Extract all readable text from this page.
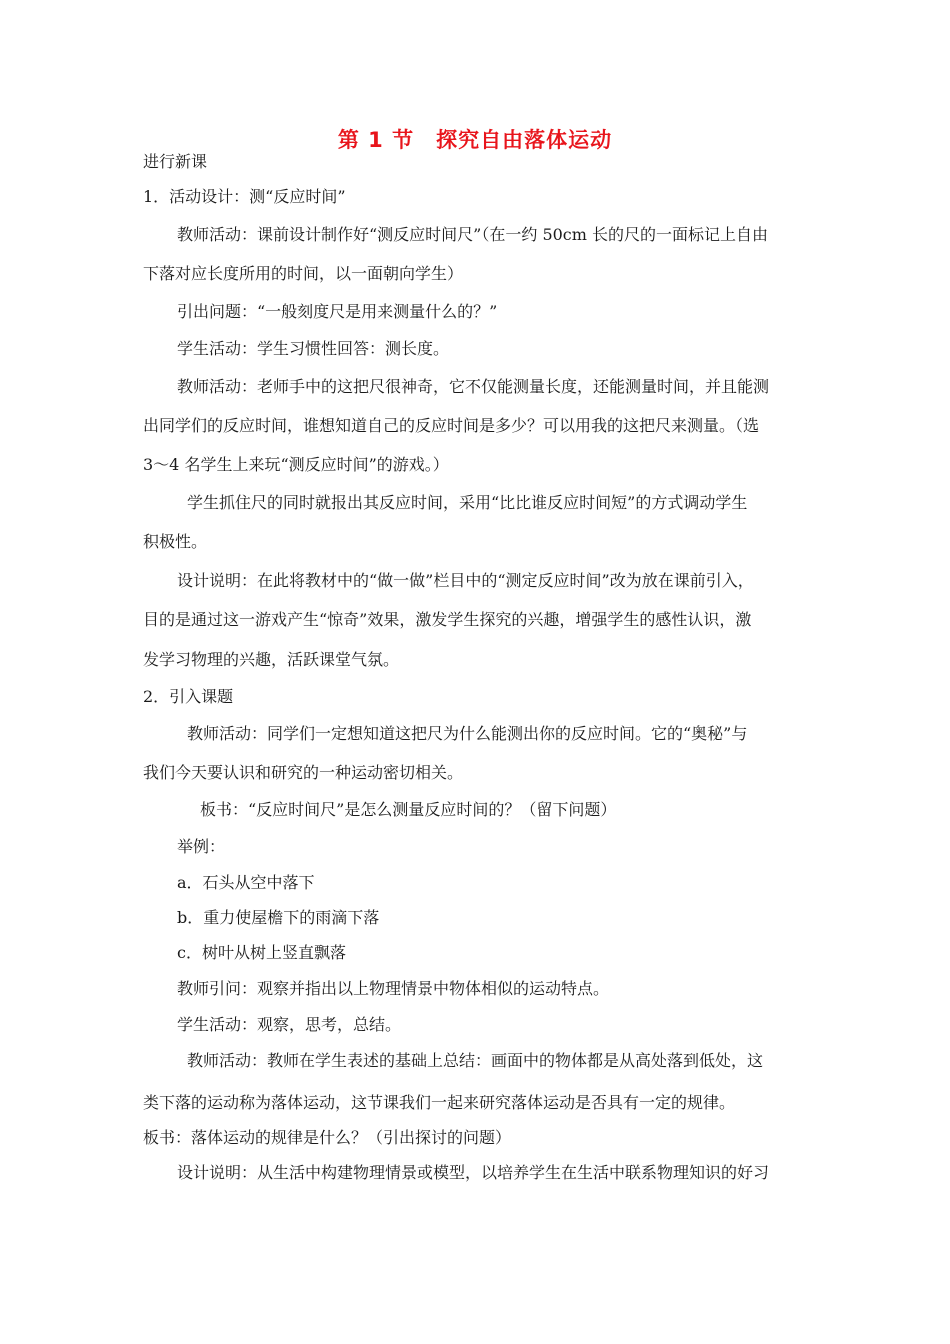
第 1 节　探究自由落体运动
进行新课
1．活动设计：测“反应时间”
教师活动：课前设计制作好“测反应时间尺”（在一约 50cm 长的尺的一面标记上自由
下落对应长度所用的时间，以一面朝向学生）
引出问题：“一般刻度尺是用来测量什么的？”
学生活动：学生习惯性回答：测长度。
教师活动：老师手中的这把尺很神奇，它不仅能测量长度，还能测量时间，并且能测
出同学们的反应时间，谁想知道自己的反应时间是多少？可以用我的这把尺来测量。（选
3～4 名学生上来玩“测反应时间”的游戏。）
学生抓住尺的同时就报出其反应时间，采用“比比谁反应时间短”的方式调动学生
积极性。
设计说明：在此将教材中的“做一做”栏目中的“测定反应时间”改为放在课前引入，
目的是通过这一游戏产生“惊奇”效果，激发学生探究的兴趣，增强学生的感性认识，激
发学习物理的兴趣，活跃课堂气氛。
2．引入课题
教师活动：同学们一定想知道这把尺为什么能测出你的反应时间。它的“奥秘”与
我们今天要认识和研究的一种运动密切相关。
板书：“反应时间尺”是怎么测量反应时间的？（留下问题）
举例：
a．石头从空中落下
b．重力使屋檐下的雨滴下落
c．树叶从树上竖直飘落
教师引问：观察并指出以上物理情景中物体相似的运动特点。
学生活动：观察，思考，总结。
教师活动：教师在学生表述的基础上总结：画面中的物体都是从高处落到低处，这
类下落的运动称为落体运动，这节课我们一起来研究落体运动是否具有一定的规律。
板书：落体运动的规律是什么？（引出探讨的问题）
设计说明：从生活中构建物理情景或模型，以培养学生在生活中联系物理知识的好习
